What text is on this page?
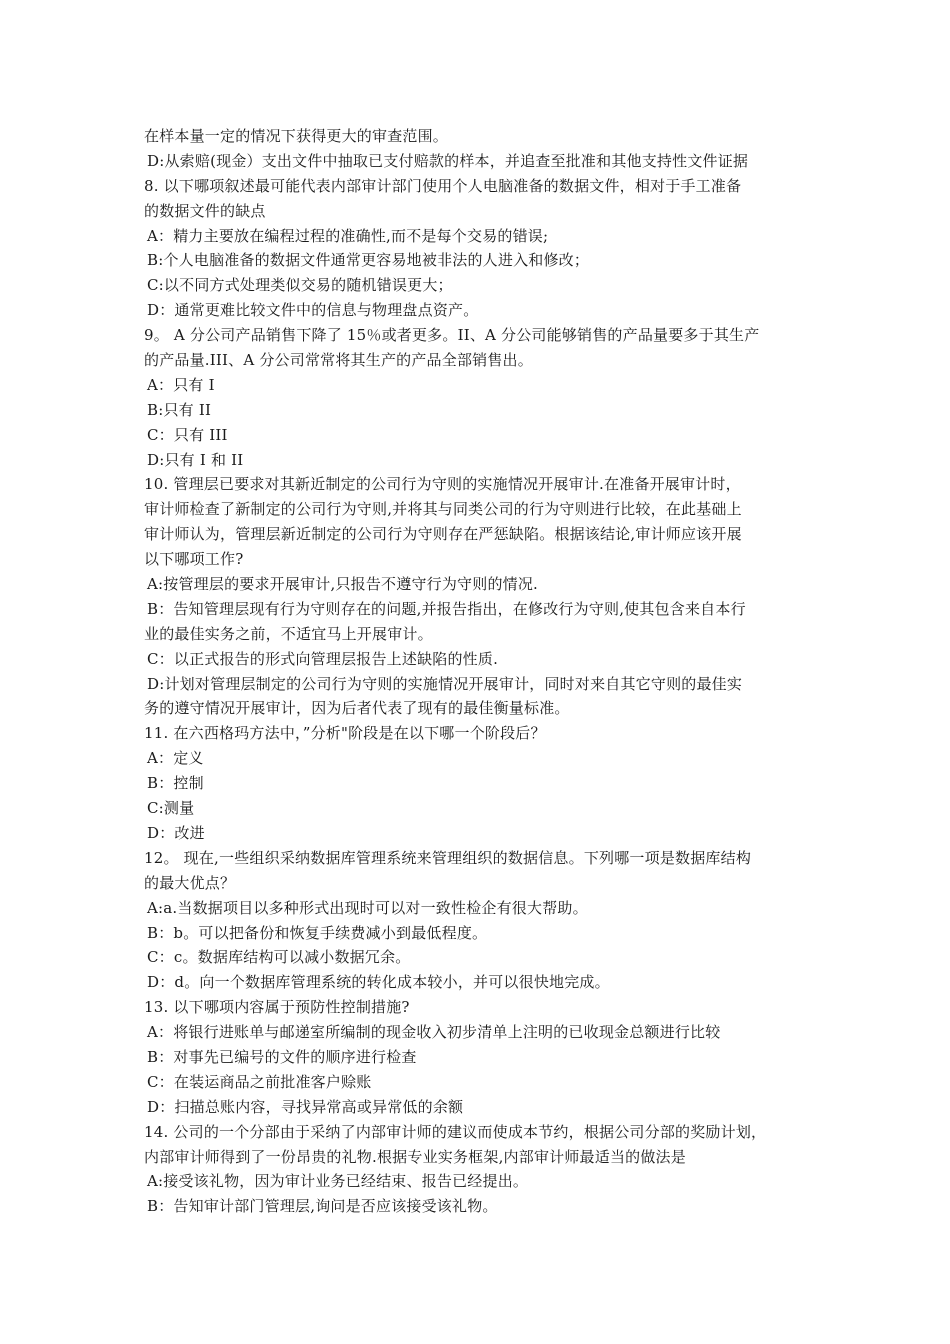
在样本量一定的情况下获得更大的审查范围。
D:从索赔(现金）支出文件中抽取已支付赔款的样本，并追查至批准和其他支持性文件证据
8. 以下哪项叙述最可能代表内部审计部门使用个人电脑准备的数据文件，相对于手工准备
的数据文件的缺点
A：精力主要放在编程过程的准确性,而不是每个交易的错误;
B:个人电脑准备的数据文件通常更容易地被非法的人进入和修改；
C:以不同方式处理类似交易的随机错误更大；
D：通常更难比较文件中的信息与物理盘点资产。
9。 A 分公司产品销售下降了 15％或者更多。II、A 分公司能够销售的产品量要多于其生产
的产品量.III、A 分公司常常将其生产的产品全部销售出。
A：只有 I
B:只有 II
C：只有 III
D:只有 I 和 II
10. 管理层已要求对其新近制定的公司行为守则的实施情况开展审计.在准备开展审计时，
审计师检查了新制定的公司行为守则,并将其与同类公司的行为守则进行比较，在此基础上
审计师认为，管理层新近制定的公司行为守则存在严惩缺陷。根据该结论,审计师应该开展
以下哪项工作?
A:按管理层的要求开展审计,只报告不遵守行为守则的情况.
B：告知管理层现有行为守则存在的问题,并报告指出，在修改行为守则,使其包含来自本行
业的最佳实务之前，不适宜马上开展审计。
C：以正式报告的形式向管理层报告上述缺陷的性质.
D:计划对管理层制定的公司行为守则的实施情况开展审计，同时对来自其它守则的最佳实
务的遵守情况开展审计，因为后者代表了现有的最佳衡量标准。
11. 在六西格玛方法中，”分析"阶段是在以下哪一个阶段后？
A：定义
B：控制
C:测量
D：改进
12。 现在,一些组织采纳数据库管理系统来管理组织的数据信息。下列哪一项是数据库结构
的最大优点？
A:a.当数据项目以多种形式出现时可以对一致性检企有很大帮助。
B：b。可以把备份和恢复手续费减小到最低程度。
C：c。数据库结构可以减小数据冗余。
D：d。向一个数据库管理系统的转化成本较小，并可以很快地完成。
13. 以下哪项内容属于预防性控制措施?
A：将银行进账单与邮递室所编制的现金收入初步清单上注明的已收现金总额进行比较
B：对事先已编号的文件的顺序进行检查
C：在装运商品之前批准客户赊账
D：扫描总账内容，寻找异常高或异常低的余额
14. 公司的一个分部由于采纳了内部审计师的建议而使成本节约，根据公司分部的奖励计划，
内部审计师得到了一份昂贵的礼物.根据专业实务框架,内部审计师最适当的做法是
A:接受该礼物，因为审计业务已经结束、报告已经提出。
B：告知审计部门管理层,询问是否应该接受该礼物。
